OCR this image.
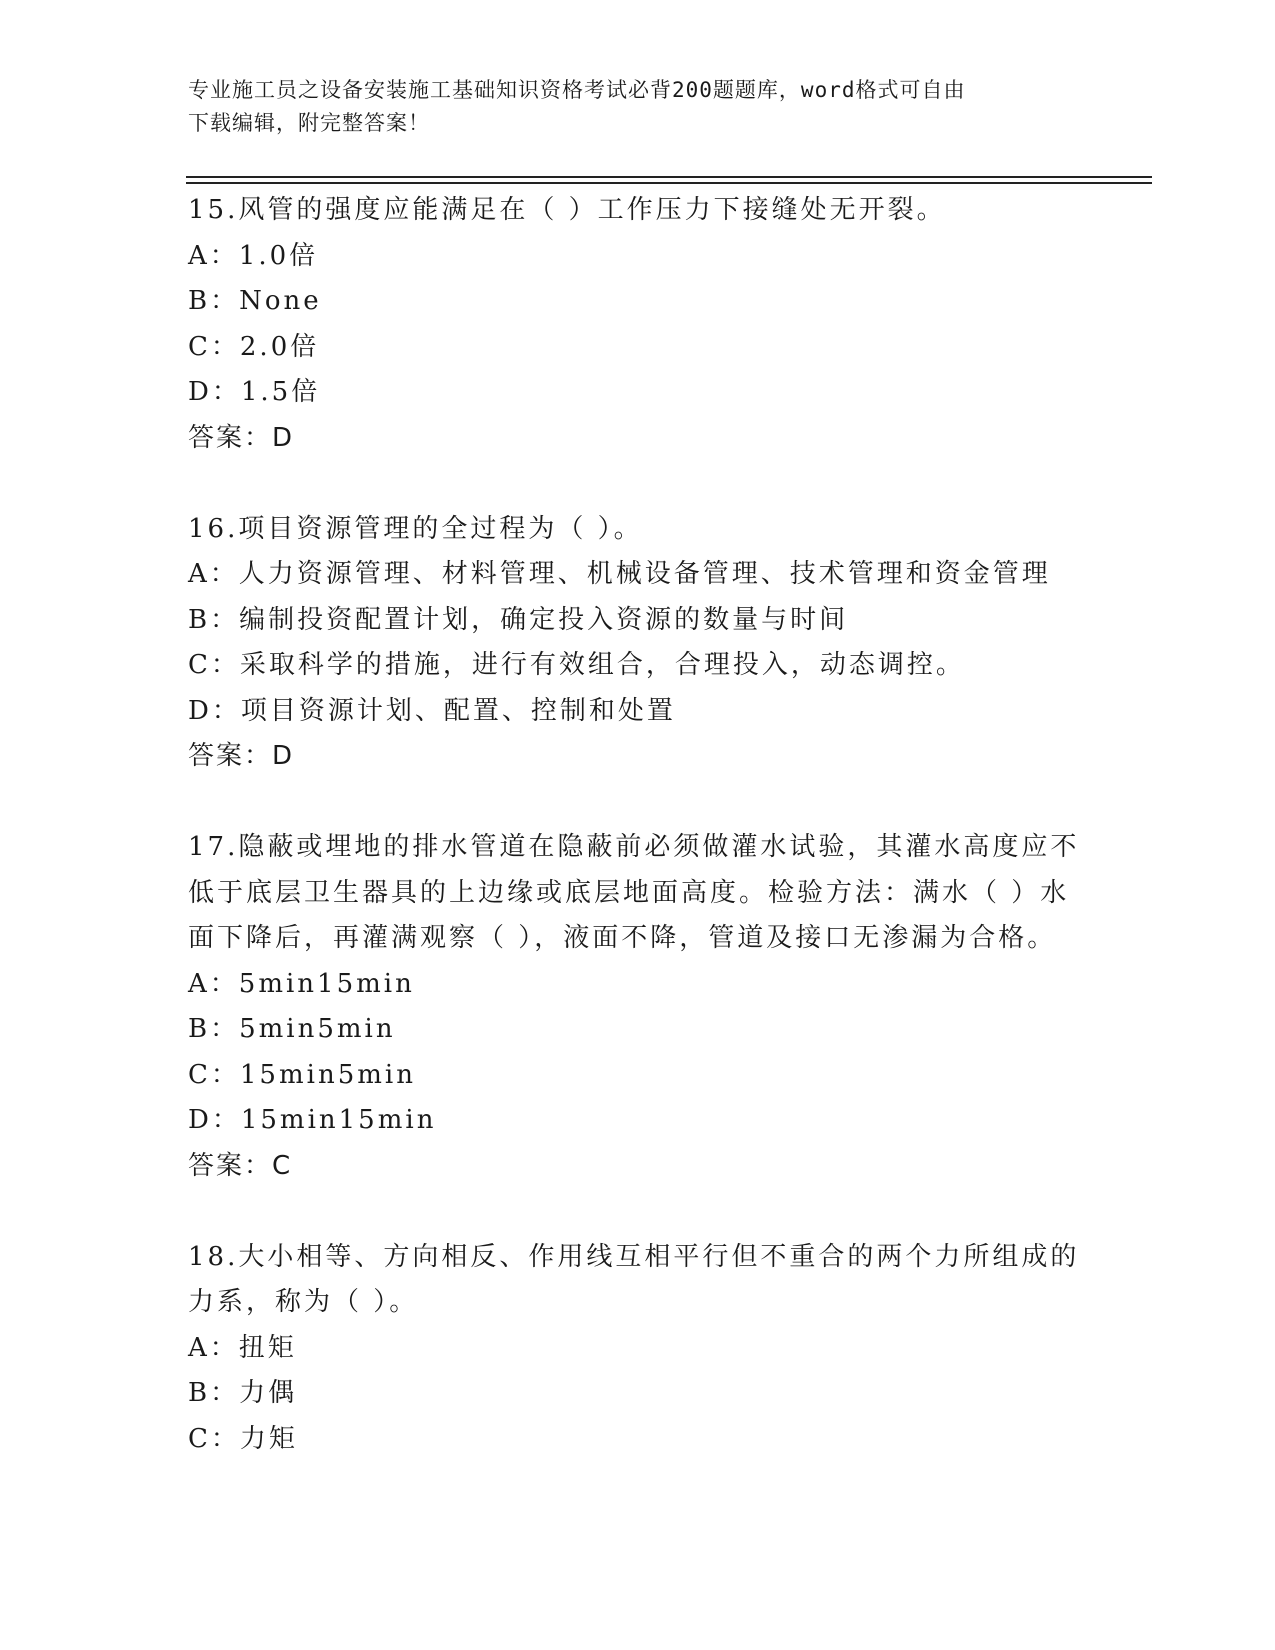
专业施工员之设备安装施工基础知识资格考试必背200题题库，word格式可自由
下载编辑，附完整答案！
15.风管的强度应能满足在（ ）工作压力下接缝处无开裂。
A：1.0倍
B：None
C：2.0倍
D：1.5倍
答案：D
16.项目资源管理的全过程为（ ）。
A：人力资源管理、材料管理、机械设备管理、技术管理和资金管理
B：编制投资配置计划，确定投入资源的数量与时间
C：采取科学的措施，进行有效组合，合理投入，动态调控。
D：项目资源计划、配置、控制和处置
答案：D
17.隐蔽或埋地的排水管道在隐蔽前必须做灌水试验，其灌水高度应不
低于底层卫生器具的上边缘或底层地面高度。检验方法：满水（ ）水
面下降后，再灌满观察（ ），液面不降，管道及接口无渗漏为合格。
A：5min15min
B：5min5min
C：15min5min
D：15min15min
答案：C
18.大小相等、方向相反、作用线互相平行但不重合的两个力所组成的
力系，称为（ ）。
A：扭矩
B：力偶
C：力矩
